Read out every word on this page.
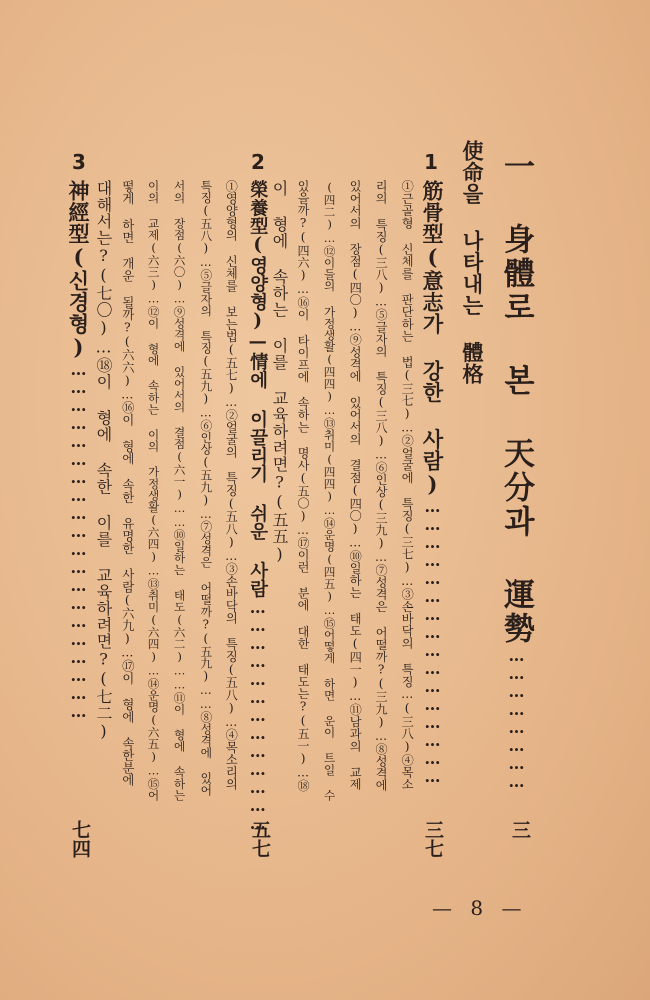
一 身體로 본 天分과 運勢……………………
三
使命을 나타내는 體格
1
筋骨型(意志가 강한 사람)…………………………………………
三七
①근골형 신체를 판단하는 법(三七)…②얼굴에 특징(三七)…③손바닥의 특징…(三八)④목소
리의 특징(三八)…⑤글자의 특징(三八)…⑥인상(三九)…⑦성격은 어떨까?(三九)…⑧성격에
있어서의 장점(四〇)…⑨성격에 있어서의 결점(四〇)…⑩일하는 태도(四一)…⑪남과의 교제
(四二)…⑫이들의 가정생활(四四)…⑬취미(四四)…⑭운명(四五)…⑮어떻게 하면 운이 트일 수
있을까?(四六)…⑯이 타이프에 속하는 명사(五〇)…⑰이런 분에 대한 태도는?(五一)…⑱
이 형에 속하는 이를 교육하려면?(五五)
2
榮養型(영양형)—情에 이끌리기 쉬운 사람…………………………………
五七
①영양형의 신체를 보는법(五七)…②얼굴의 특징(五八)…③손바닥의 특징(五八)…④목소리의
특징(五八)…⑤글자의 특징(五九)…⑥인상(五九)…⑦성격은 어떨까?(五九)……⑧성격에 있어
서의 장점(六〇)…⑨성격에 있어서의 결점(六一)……⑩일하는 태도(六二)……⑪이 형에 속하는
이의 교제(六三)…⑫이 형에 속하는 이의 가정생활(六四)…⑬취미(六四)…⑭운명(六五)…⑮어
떻게 하면 개운 될까?(六六)…⑯이 형에 속한 유명한 사람(六九)…⑰이 형에 속한분에
대해서는?(七〇)…⑱이 형에 속한 이를 교육하려면?(七二)
3
神經型(신경형)……………………………………………………
七四
— 8 —
